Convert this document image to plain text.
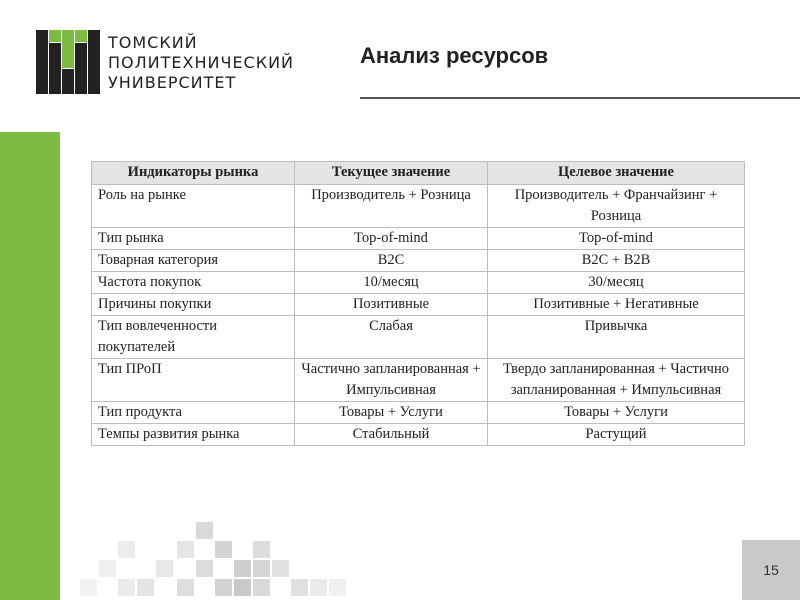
ТОМСКИЙ
ПОЛИТЕХНИЧЕСКИЙ
УНИВЕРСИТЕТ
Анализ ресурсов
Индикаторы рынка	Текущее значение	Целевое значение
Роль на рынке	Производитель + Розница	Производитель + Франчайзинг + Розница
Тип рынка	Top-of-mind	Top-of-mind
Товарная категория	B2C	B2C + B2B
Частота покупок	10/месяц	30/месяц
Причины покупки	Позитивные	Позитивные + Негативные
Тип вовлеченности покупателей	Слабая	Привычка
Тип ПРоП	Частично запланированная + Импульсивная	Твердо запланированная + Частично запланированная + Импульсивная
Тип продукта	Товары + Услуги	Товары + Услуги
Темпы развития рынка	Стабильный	Растущий
15
